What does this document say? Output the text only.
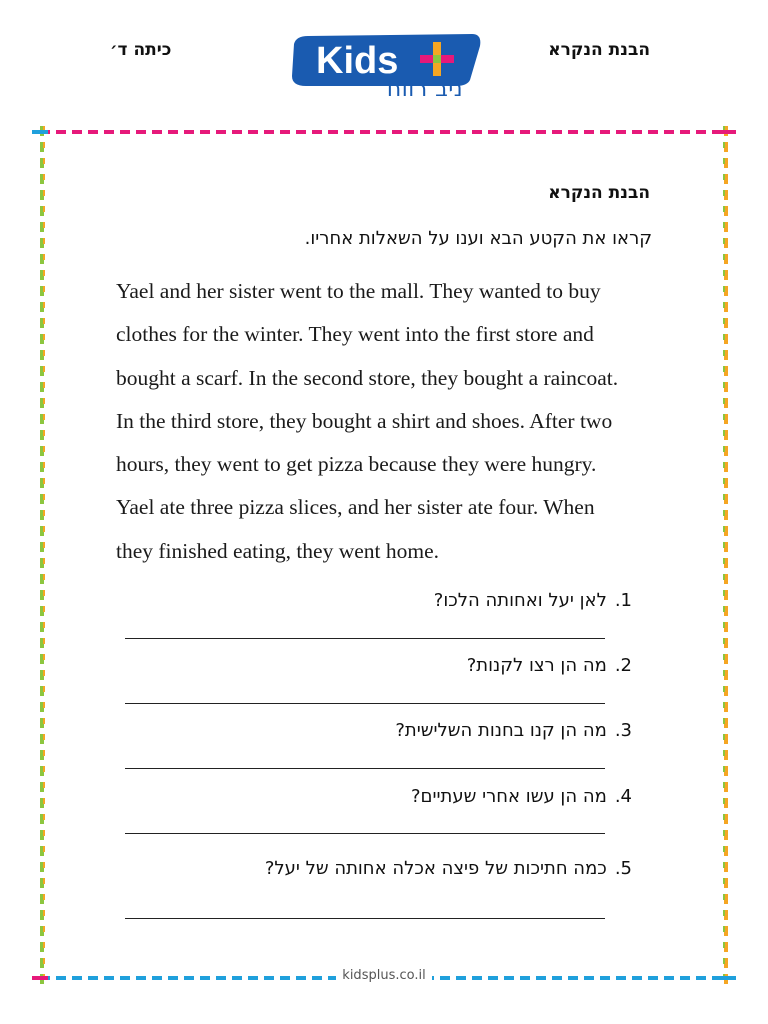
הבנת הנקרא
כיתה ד׳	Kids
ניב רווח
הבנת הנקרא
קראו את הקטע הבא וענו על השאלות אחריו.
Yael and her sister went to the mall. They wanted to buy
clothes for the winter. They went into the first store and
bought a scarf. In the second store, they bought a raincoat.
In the third store, they bought a shirt and shoes. After two
hours, they went to get pizza because they were hungry.
Yael ate three pizza slices, and her sister ate four. When
they finished eating, they went home.
1.לאן יעל ואחותה הלכו?
2.מה הן רצו לקנות?
3.מה הן קנו בחנות השלישית?
4.מה הן עשו אחרי שעתיים?
5.כמה חתיכות של פיצה אכלה אחותה של יעל?
kidsplus.co.il
